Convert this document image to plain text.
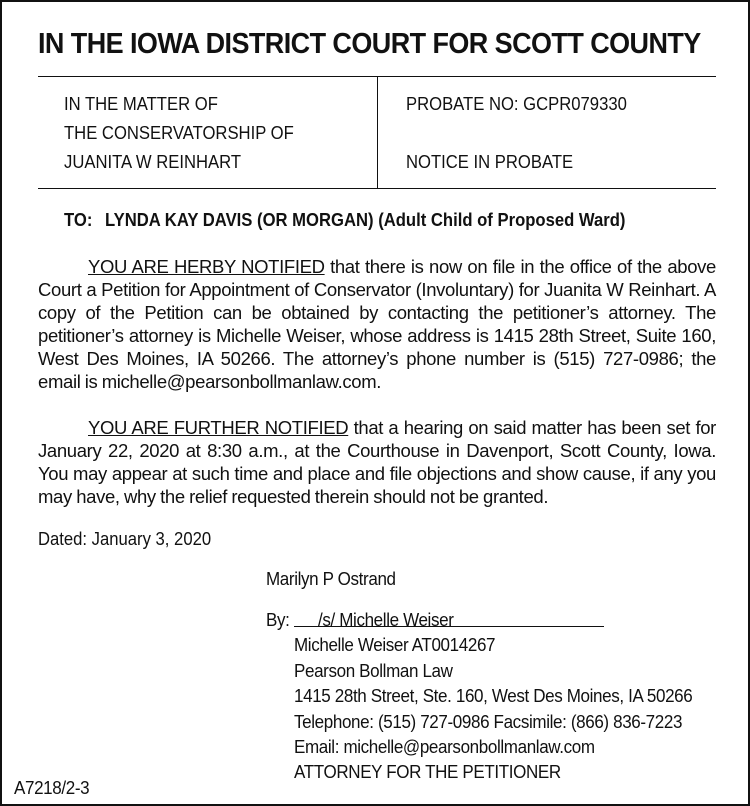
IN THE IOWA DISTRICT COURT FOR SCOTT COUNTY
IN THE MATTER OF
THE CONSERVATORSHIP OF
JUANITA W REINHART
PROBATE NO: GCPR079330
NOTICE IN PROBATE
TO: LYNDA KAY DAVIS (OR MORGAN) (Adult Child of Proposed Ward)
YOU ARE HERBY NOTIFIED that there is now on file in the office of the above Court a Petition for Appointment of Conservator (Involuntary) for Juanita W Reinhart. A copy of the Petition can be obtained by contacting the petitioner’s attorney. The petitioner’s attorney is Michelle Weiser, whose address is 1415 28th Street, Suite 160, West Des Moines, IA 50266. The attorney’s phone number is (515) 727-0986; the email is michelle@pearsonbollmanlaw.com.
YOU ARE FURTHER NOTIFIED that a hearing on said matter has been set for January 22, 2020 at 8:30 a.m., at the Courthouse in Davenport, Scott County, Iowa. You may appear at such time and place and file objections and show cause, if any you may have, why the relief requested therein should not be granted.
Dated: January 3, 2020
Marilyn P Ostrand
By: /s/ Michelle Weiser
Michelle Weiser AT0014267
Pearson Bollman Law
1415 28th Street, Ste. 160, West Des Moines, IA 50266
Telephone: (515) 727-0986 Facsimile: (866) 836-7223
Email: michelle@pearsonbollmanlaw.com
ATTORNEY FOR THE PETITIONER
A7218/2-3
